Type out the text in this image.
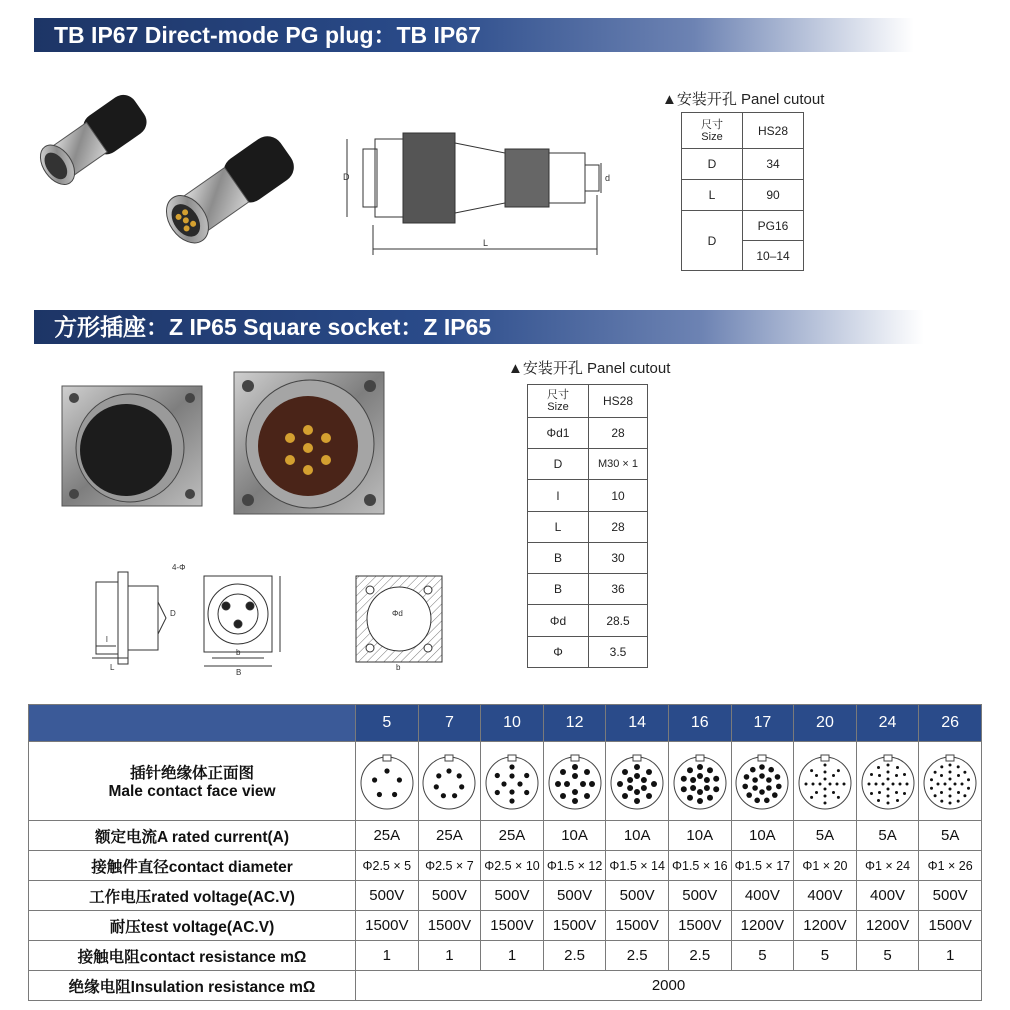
TB IP67 Direct-mode PG plug：TB IP67
D	d
L
▲安装开孔 Panel cutout
尺寸
Size	HS28
D	34
L	90
D	PG16
	10–14
方形插座：Z IP65 Square socket：Z IP65
4-Φ
B
b
l
L
D	Φd
b
▲安装开孔 Panel cutout
尺寸
Size	HS28
Φd1	28
D	M30 × 1
l	10
L	28
B	30
B	36
Φd	28.5
Φ	3.5
	5	7	10	12	14	16	17	20	24	26

插针绝缘体正面图
Male contact face view

额定电流A rated current(A)	25A	25A	25A	10A	10A	10A	10A	5A	5A	5A
接触件直径contact diameter	Φ2.5 × 5	Φ2.5 × 7	Φ2.5 × 10	Φ1.5 × 12	Φ1.5 × 14	Φ1.5 × 16	Φ1.5 × 17	Φ1 × 20	Φ1 × 24	Φ1 × 26
工作电压rated voltage(AC.V)	500V	500V	500V	500V	500V	500V	400V	400V	400V	500V
耐压test voltage(AC.V)	1500V	1500V	1500V	1500V	1500V	1500V	1200V	1200V	1200V	1500V
接触电阻contact resistance mΩ	1	1	1	2.5	2.5	2.5	5	5	5	1
绝缘电阻Insulation resistance mΩ	2000									
